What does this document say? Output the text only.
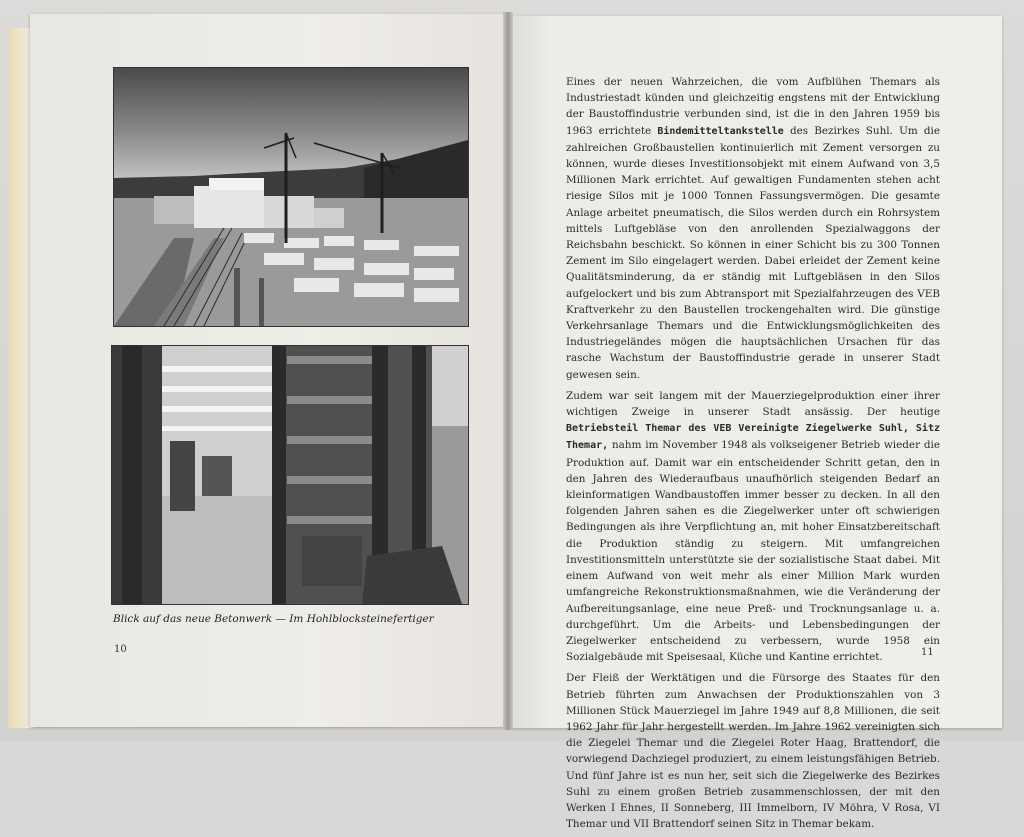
Blick auf das neue Betonwerk — Im Hohlblocksteinefertiger
10	11

Eines der neuen Wahrzeichen, die vom Aufblühen Themars als Industriestadt künden und gleichzeitig engstens mit der Entwicklung der Baustoffindustrie verbunden sind, ist die in den Jahren 1959 bis 1963 errichtete Bindemitteltankstelle des Bezirkes Suhl. Um die zahlreichen Großbaustellen kontinuierlich mit Zement versorgen zu können, wurde dieses Investitionsobjekt mit einem Aufwand von 3,5 Millionen Mark errichtet. Auf gewaltigen Fundamenten stehen acht riesige Silos mit je 1000 Tonnen Fassungsvermögen. Die gesamte Anlage arbeitet pneumatisch, die Silos werden durch ein Rohrsystem mittels Luftgebläse von den anrollenden Spezialwaggons der Reichsbahn beschickt. So können in einer Schicht bis zu 300 Tonnen Zement im Silo eingelagert werden. Dabei erleidet der Zement keine Qualitätsminderung, da er ständig mit Luftgebläsen in den Silos aufgelockert und bis zum Abtransport mit Spezialfahrzeugen des VEB Kraftverkehr zu den Baustellen trockengehalten wird. Die günstige Verkehrsanlage Themars und die Entwicklungsmöglichkeiten des Industriegeländes mögen die hauptsächlichen Ursachen für das rasche Wachstum der Baustoffindustrie gerade in unserer Stadt gewesen sein.

Zudem war seit langem mit der Mauerziegelproduktion einer ihrer wichtigen Zweige in unserer Stadt ansässig. Der heutige Betriebsteil Themar des VEB Vereinigte Ziegelwerke Suhl, Sitz Themar, nahm im November 1948 als volkseigener Betrieb wieder die Produktion auf. Damit war ein entscheidender Schritt getan, den in den Jahren des Wiederaufbaus unaufhörlich steigenden Bedarf an kleinformatigen Wandbaustoffen immer besser zu decken. In all den folgenden Jahren sahen es die Ziegelwerker unter oft schwierigen Bedingungen als ihre Verpflichtung an, mit hoher Einsatzbereitschaft die Produktion ständig zu steigern. Mit umfangreichen Investitionsmitteln unterstützte sie der sozialistische Staat dabei. Mit einem Aufwand von weit mehr als einer Million Mark wurden umfangreiche Rekonstruktionsmaßnahmen, wie die Veränderung der Aufbereitungsanlage, eine neue Preß- und Trocknungsanlage u. a. durchgeführt. Um die Arbeits- und Lebensbedingungen der Ziegelwerker entscheidend zu verbessern, wurde 1958 ein Sozialgebäude mit Speisesaal, Küche und Kantine errichtet.

Der Fleiß der Werktätigen und die Fürsorge des Staates für den Betrieb führten zum Anwachsen der Produktionszahlen von 3 Millionen Stück Mauerziegel im Jahre 1949 auf 8,8 Millionen, die seit 1962 Jahr für Jahr hergestellt werden. Im Jahre 1962 vereinigten sich die Ziegelei Themar und die Ziegelei Roter Haag, Brattendorf, die vorwiegend Dachziegel produziert, zu einem leistungsfähigen Betrieb. Und fünf Jahre ist es nun her, seit sich die Ziegelwerke des Bezirkes Suhl zu einem großen Betrieb zusammenschlossen, der mit den Werken I Ehnes, II Sonneberg, III Immelborn, IV Möhra, V Rosa, VI Themar und VII Brattendorf seinen Sitz in Themar bekam.
